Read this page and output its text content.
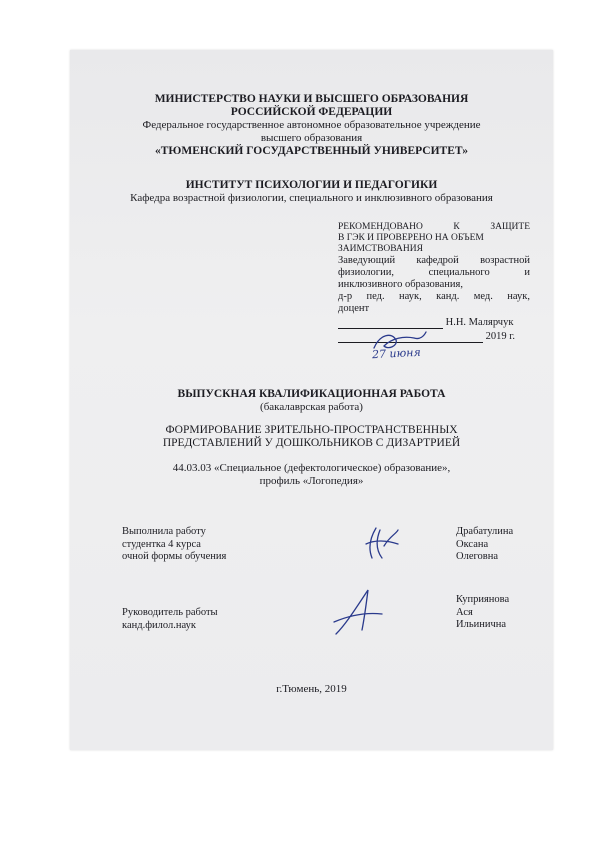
МИНИСТЕРСТВО НАУКИ И ВЫСШЕГО ОБРАЗОВАНИЯ
РОССИЙСКОЙ ФЕДЕРАЦИИ
Федеральное государственное автономное образовательное учреждение
высшего образования
«ТЮМЕНСКИЙ ГОСУДАРСТВЕННЫЙ УНИВЕРСИТЕТ»
ИНСТИТУТ ПСИХОЛОГИИ И ПЕДАГОГИКИ
Кафедра возрастной физиологии, специального и инклюзивного образования
РЕКОМЕНДОВАНО К ЗАЩИТЕ
В ГЭК И ПРОВЕРЕНО НА ОБЪЕМ
ЗАИМСТВОВАНИЯ
Заведующий кафедрой возрастной
физиологии, специального и
инклюзивного образования,
д-р пед. наук, канд. мед. наук,
доцент
Н.Н. Малярчук
2019 г.
27 июня
ВЫПУСКНАЯ КВАЛИФИКАЦИОННАЯ РАБОТА
(бакалаврская работа)
ФОРМИРОВАНИЕ ЗРИТЕЛЬНО-ПРОСТРАНСТВЕННЫХ
ПРЕДСТАВЛЕНИЙ У ДОШКОЛЬНИКОВ С ДИЗАРТРИЕЙ
44.03.03 «Специальное (дефектологическое) образование»,
профиль «Логопедия»
Выполнила работу
студентка 4 курса
очной формы обучения
Драбатулина
Оксана
Олеговна
Руководитель работы
канд.филол.наук
Куприянова
Ася
Ильинична
г.Тюмень, 2019
